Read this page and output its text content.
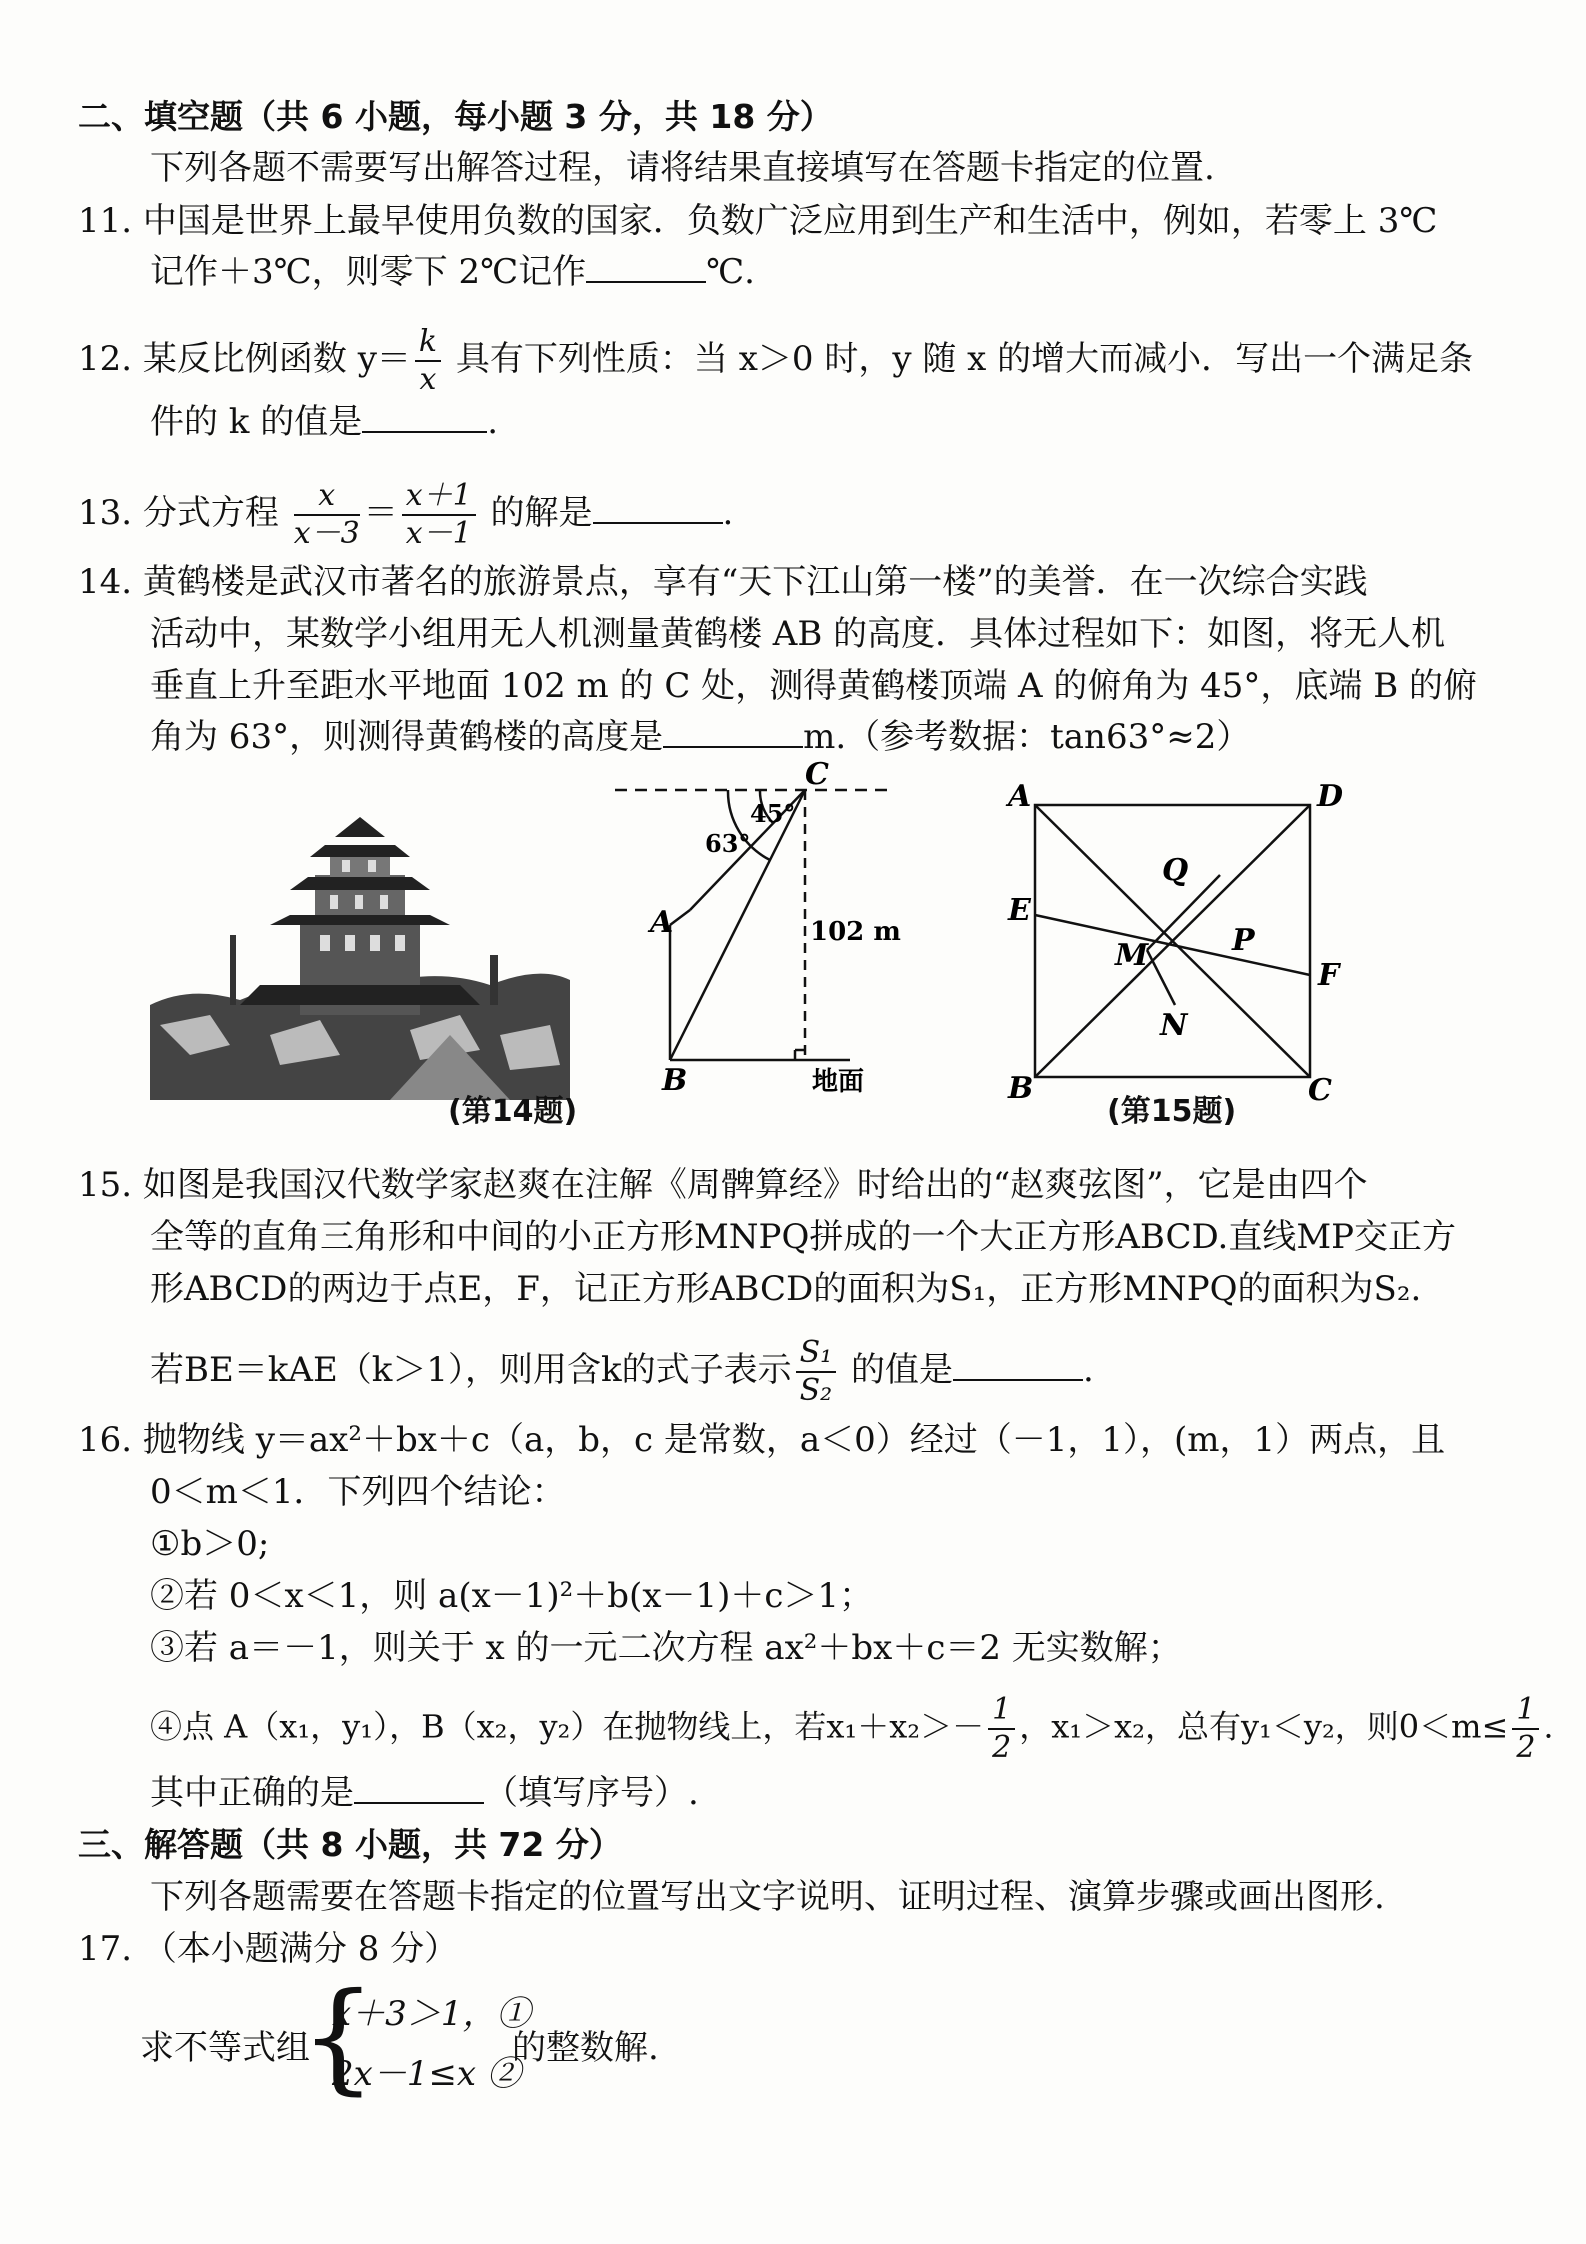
二、填空题（共 6 小题，每小题 3 分，共 18 分）
下列各题不需要写出解答过程，请将结果直接填写在答题卡指定的位置.
11. 中国是世界上最早使用负数的国家．负数广泛应用到生产和生活中，例如，若零上 3℃
记作＋3℃，则零下 2℃记作	℃.
12. 某反比例函数 $y= \frac{k}{x}$ 具有下列性质：当 x＞0 时，y 随 x 的增大而减小．写出一个满足条
件的 k 的值是	.
13. 分式方程 $\frac{x}{x-3} = \frac{x+1}{x-1}$ 的解是	.
14. 黄鹤楼是武汉市著名的旅游景点，享有“天下江山第一楼”的美誉．在一次综合实践
活动中，某数学小组用无人机测量黄鹤楼 AB 的高度．具体过程如下：如图，将无人机
垂直上升至距水平地面 102 m 的 C 处，测得黄鹤楼顶端 A 的俯角为 45°，底端 B 的俯
角为 63°，则测得黄鹤楼的高度是	m.（参考数据：tan63°≈2）
(第14题)
C
A
B
45°
63°
102 m
地面
A	D
B	C
E
F
M
N
P
Q
(第15题)
15. 如图是我国汉代数学家赵爽在注解《周髀算经》时给出的“赵爽弦图”，它是由四个
全等的直角三角形和中间的小正方形MNPQ拼成的一个大正方形ABCD.直线MP交正方
形ABCD的两边于点E，F，记正方形ABCD的面积为S₁，正方形MNPQ的面积为S₂.
若BE＝kAE（k＞1），则用含k的式子表示 $\frac{\text{S₁}}{\text{S₂}}$ 的值是	.
16. 抛物线 y＝ax²＋bx＋c（a，b，c 是常数，a＜0）经过（－1，1），(m，1）两点，且
0＜m＜1．下列四个结论：
①b＞0;
②若 0＜x＜1，则 a(x－1)²＋b(x－1)＋c＞1；
③若 a＝－1，则关于 x 的一元二次方程 ax²＋bx＋c＝2 无实数解；
④点 A（x₁，y₁），B（x₂，y₂）在抛物线上，若$x_1+x_2>- \frac{1}{2}$ ，x₁＞x₂，总有y₁＜y₂，则$0<m\le \frac{1}{2}$ .
其中正确的是	（填写序号）.
三、解答题（共 8 小题，共 72 分）
下列各题需要在答题卡指定的位置写出文字说明、证明过程、演算步骤或画出图形.
17. （本小题满分 8 分）
求不等式组
{
x＋3＞1，①
2x－1≤x ②
的整数解.
